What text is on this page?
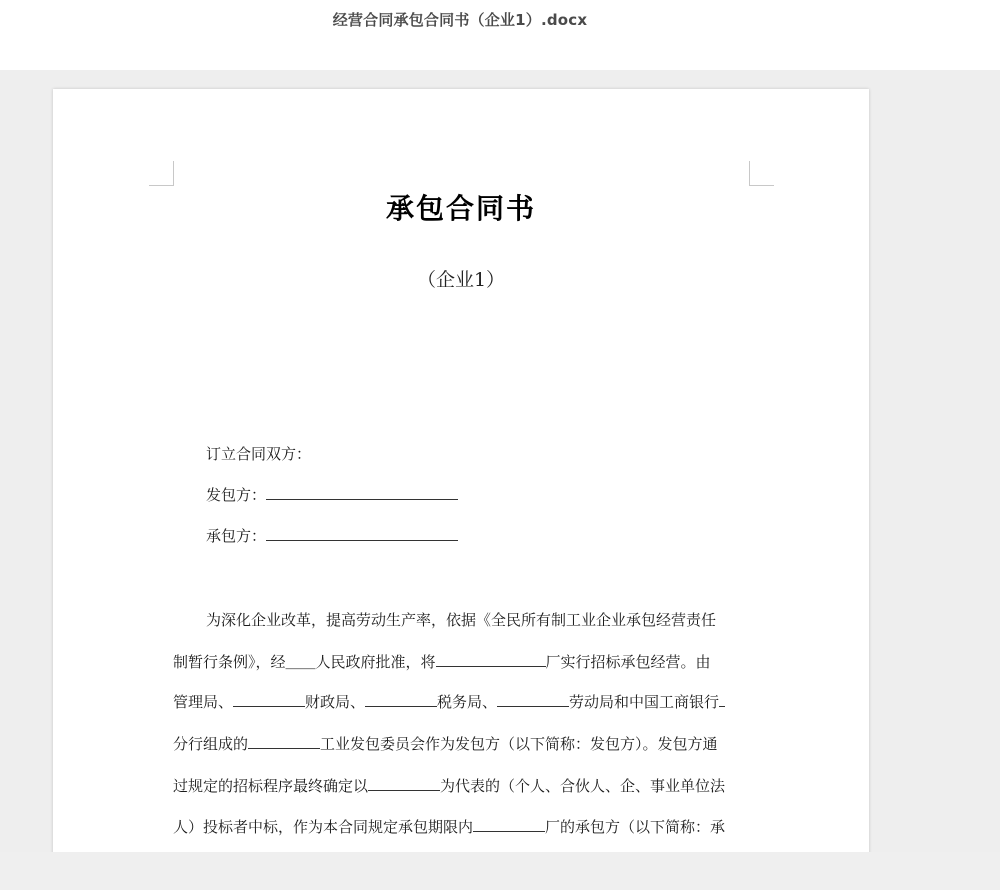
经营合同承包合同书（企业1）.docx
承包合同书
（企业1）
订立合同双方：
发包方：
承包方：
为深化企业改革，提高劳动生产率，依据《全民所有制工业企业承包经营责任
制暂行条例》，经＿＿人民政府批准，将	厂实行招标承包经营。由
管理局、	财政局、	税务局、	劳动局和中国工商银行
分行组成的	工业发包委员会作为发包方（以下简称：发包方）。发包方通
过规定的招标程序最终确定以	为代表的（个人、合伙人、企、事业单位法
人）投标者中标，作为本合同规定承包期限内	厂的承包方（以下简称：承
